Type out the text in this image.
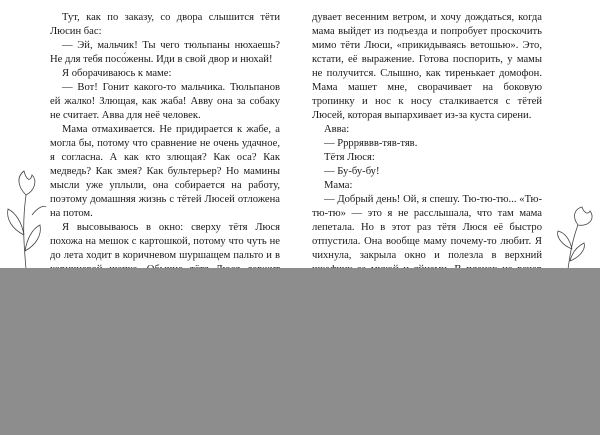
Тут, как по заказу, со двора слышится тёти Люсин бас:

— Эй, мальчик! Ты чего тюльпаны нюхаешь? Не для тебя посо́жены. Иди в свой двор и нюхай!

Я оборачиваюсь к маме:

— Вот! Гонит какого-то мальчика. Тюльпанов ей жалко! Злющая, как жаба! Авву она за собаку не считает. Авва для неё человек.

Мама отмахивается. Не придирается к жабе, а могла бы, потому что сравнение не очень удачное, я согласна. А как кто злющая? Как оса? Как медведь? Как змея? Как бультерьер? Но мамины мысли уже уплыли, она собирается на работу, поэтому домашняя жизнь с тётей Люсей отложена на потом.

Я высовываюсь в окно: сверху тётя Люся похожа на мешок с картошкой, потому что чуть не до лета ходит в коричневом шуршащем пальто и в

дувает весенним ветром, и хочу дождаться, когда мама выйдет из подъезда и попробует проскочить мимо тёти Люси, «прикидываясь ветошью». Это, кстати, её выражение. Готова поспорить, у мамы не получится. Слышно, как тиренькает домофон. Мама машет мне, сворачивает на боковую тропинку и нос к носу сталкивается с тётей Люсей, которая выпархивает из-за куста сирени.

Авва:

— Рррряввв-тяв-тяв.

Тётя Люся:

— Бу-бу-бу!

Мама:

— Добрый день! Ой, я спешу. Тю-тю-тю... «Тю-тю-тю» — это я не расслышала, что там мама лепетала. Но в этот раз тётя Люся её быстро отпустила. Она вообще маму почему-то любит. Я чихнула, закрыла окно и полезла в верхний
